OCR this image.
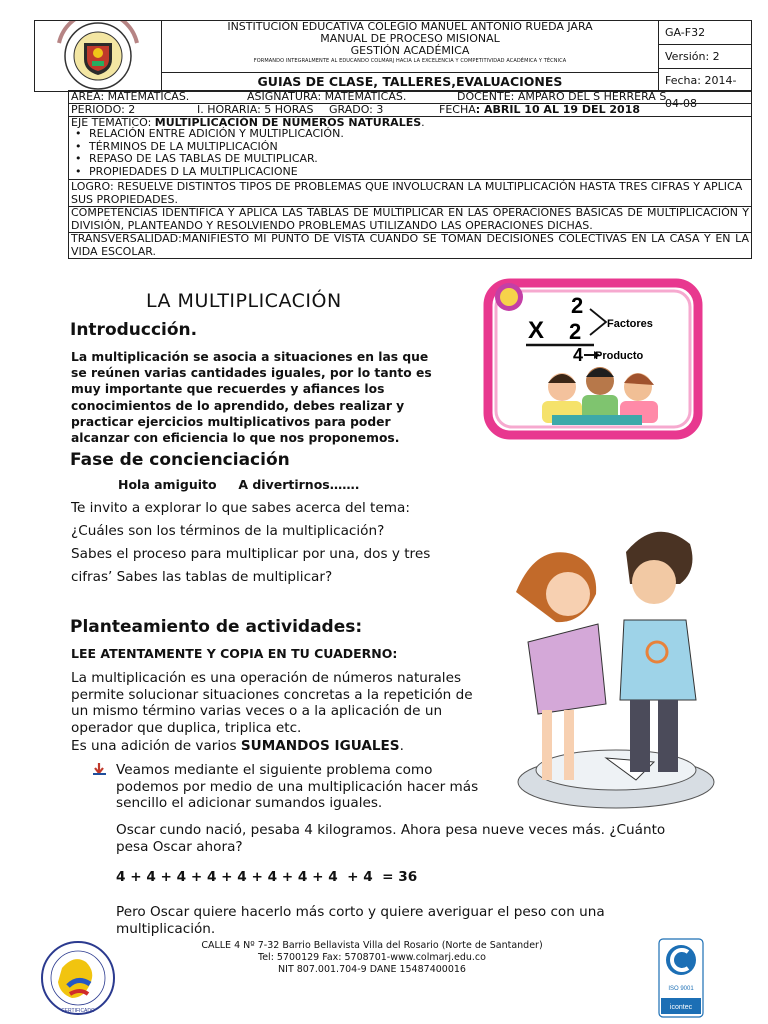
INSTITUCIÓN EDUCATIVA COLEGIO MANUEL ANTONIO RUEDA JARA
MANUAL DE PROCESO MISIONAL
GESTIÓN ACADÉMICA
FORMANDO INTEGRALMENTE AL EDUCANDO COLMARJ HACIA LA EXCELENCIA Y COMPETITIVIDAD ACADÉMICA Y TÉCNICA
GUIAS DE CLASE, TALLERES,EVALUACIONES
GA-F32
Versión: 2
Fecha: 2014-04-08
AREA: MATEMÁTICAS.	ASIGNATURA: MATEMÁTICAS.	DOCENTE: AMPARO DEL S HERRERA S
PERIODO: 2	I. HORARIA: 5 HORAS	GRADO: 3	FECHA: ABRIL 10 AL 19 DEL 2018
EJE TEMATICO: MULTIPLICACIÓN DE NÚMEROS NATURALES.
• RELACIÓN ENTRE ADICIÓN Y MULTIPLICACIÓN.
• TÉRMINOS DE LA MULTIPLICACIÓN
• REPASO DE LAS TABLAS DE MULTIPLICAR.
• PROPIEDADES D LA MULTIPLICACIONE
LOGRO: RESUELVE DISTINTOS TIPOS DE PROBLEMAS QUE INVOLUCRAN LA MULTIPLICACIÓN HASTA TRES CIFRAS Y APLICA SUS PROPIEDADES.
COMPETENCIAS IDENTIFICA Y APLICA LAS TABLAS DE MULTIPLICAR EN LAS OPERACIONES BÁSICAS DE MULTIPLICACIÓN Y DIVISIÓN, PLANTEANDO Y RESOLVIENDO PROBLEMAS UTILIZANDO LAS OPERACIONES DICHAS.
TRANSVERSALIDAD:MANIFIESTO MI PUNTO DE VISTA CUANDO SE TOMAN DECISIONES COLECTIVAS EN LA CASA Y EN LA VIDA ESCOLAR.
LA MULTIPLICACIÓN
Introducción.
La multiplicación se asocia a situaciones en las que se reúnen varias cantidades iguales, por lo tanto es muy importante que recuerdes y afiances los conocimientos de lo aprendido, debes realizar y practicar ejercicios multiplicativos para poder alcanzar con eficiencia lo que nos proponemos.
2
X 2
4
Factores
Producto
Fase de concienciación
Hola amiguito     A divertirnos…….
Te invito a explorar lo que sabes acerca del tema:
¿Cuáles son los términos de la multiplicación?
Sabes el proceso para multiplicar por una, dos y tres
cifras’ Sabes las tablas de multiplicar?
Planteamiento de actividades:
LEE ATENTAMENTE Y COPIA EN TU CUADERNO:
La multiplicación es una operación de números naturales permite solucionar situaciones concretas a la repetición de un mismo término varias veces o a la aplicación de un operador que duplica, triplica etc.
Es una adición de varios SUMANDOS IGUALES.
Veamos mediante el siguiente problema como podemos por medio de una multiplicación hacer más sencillo el adicionar sumandos iguales.
Oscar cundo nació, pesaba 4 kilogramos. Ahora pesa nueve veces más. ¿Cuánto pesa Oscar ahora?
4 + 4 + 4 + 4 + 4 + 4 + 4 + 4  + 4  = 36
Pero Oscar quiere hacerlo más corto y quiere averiguar el peso con una multiplicación.
CERTIFICADO
CALLE 4 Nº 7-32 Barrio Bellavista Villa del Rosario (Norte de Santander)
Tel: 5700129 Fax: 5708701-www.colmarj.edu.co
NIT 807.001.704-9 DANE 15487400016
ISO 9001
icontec
